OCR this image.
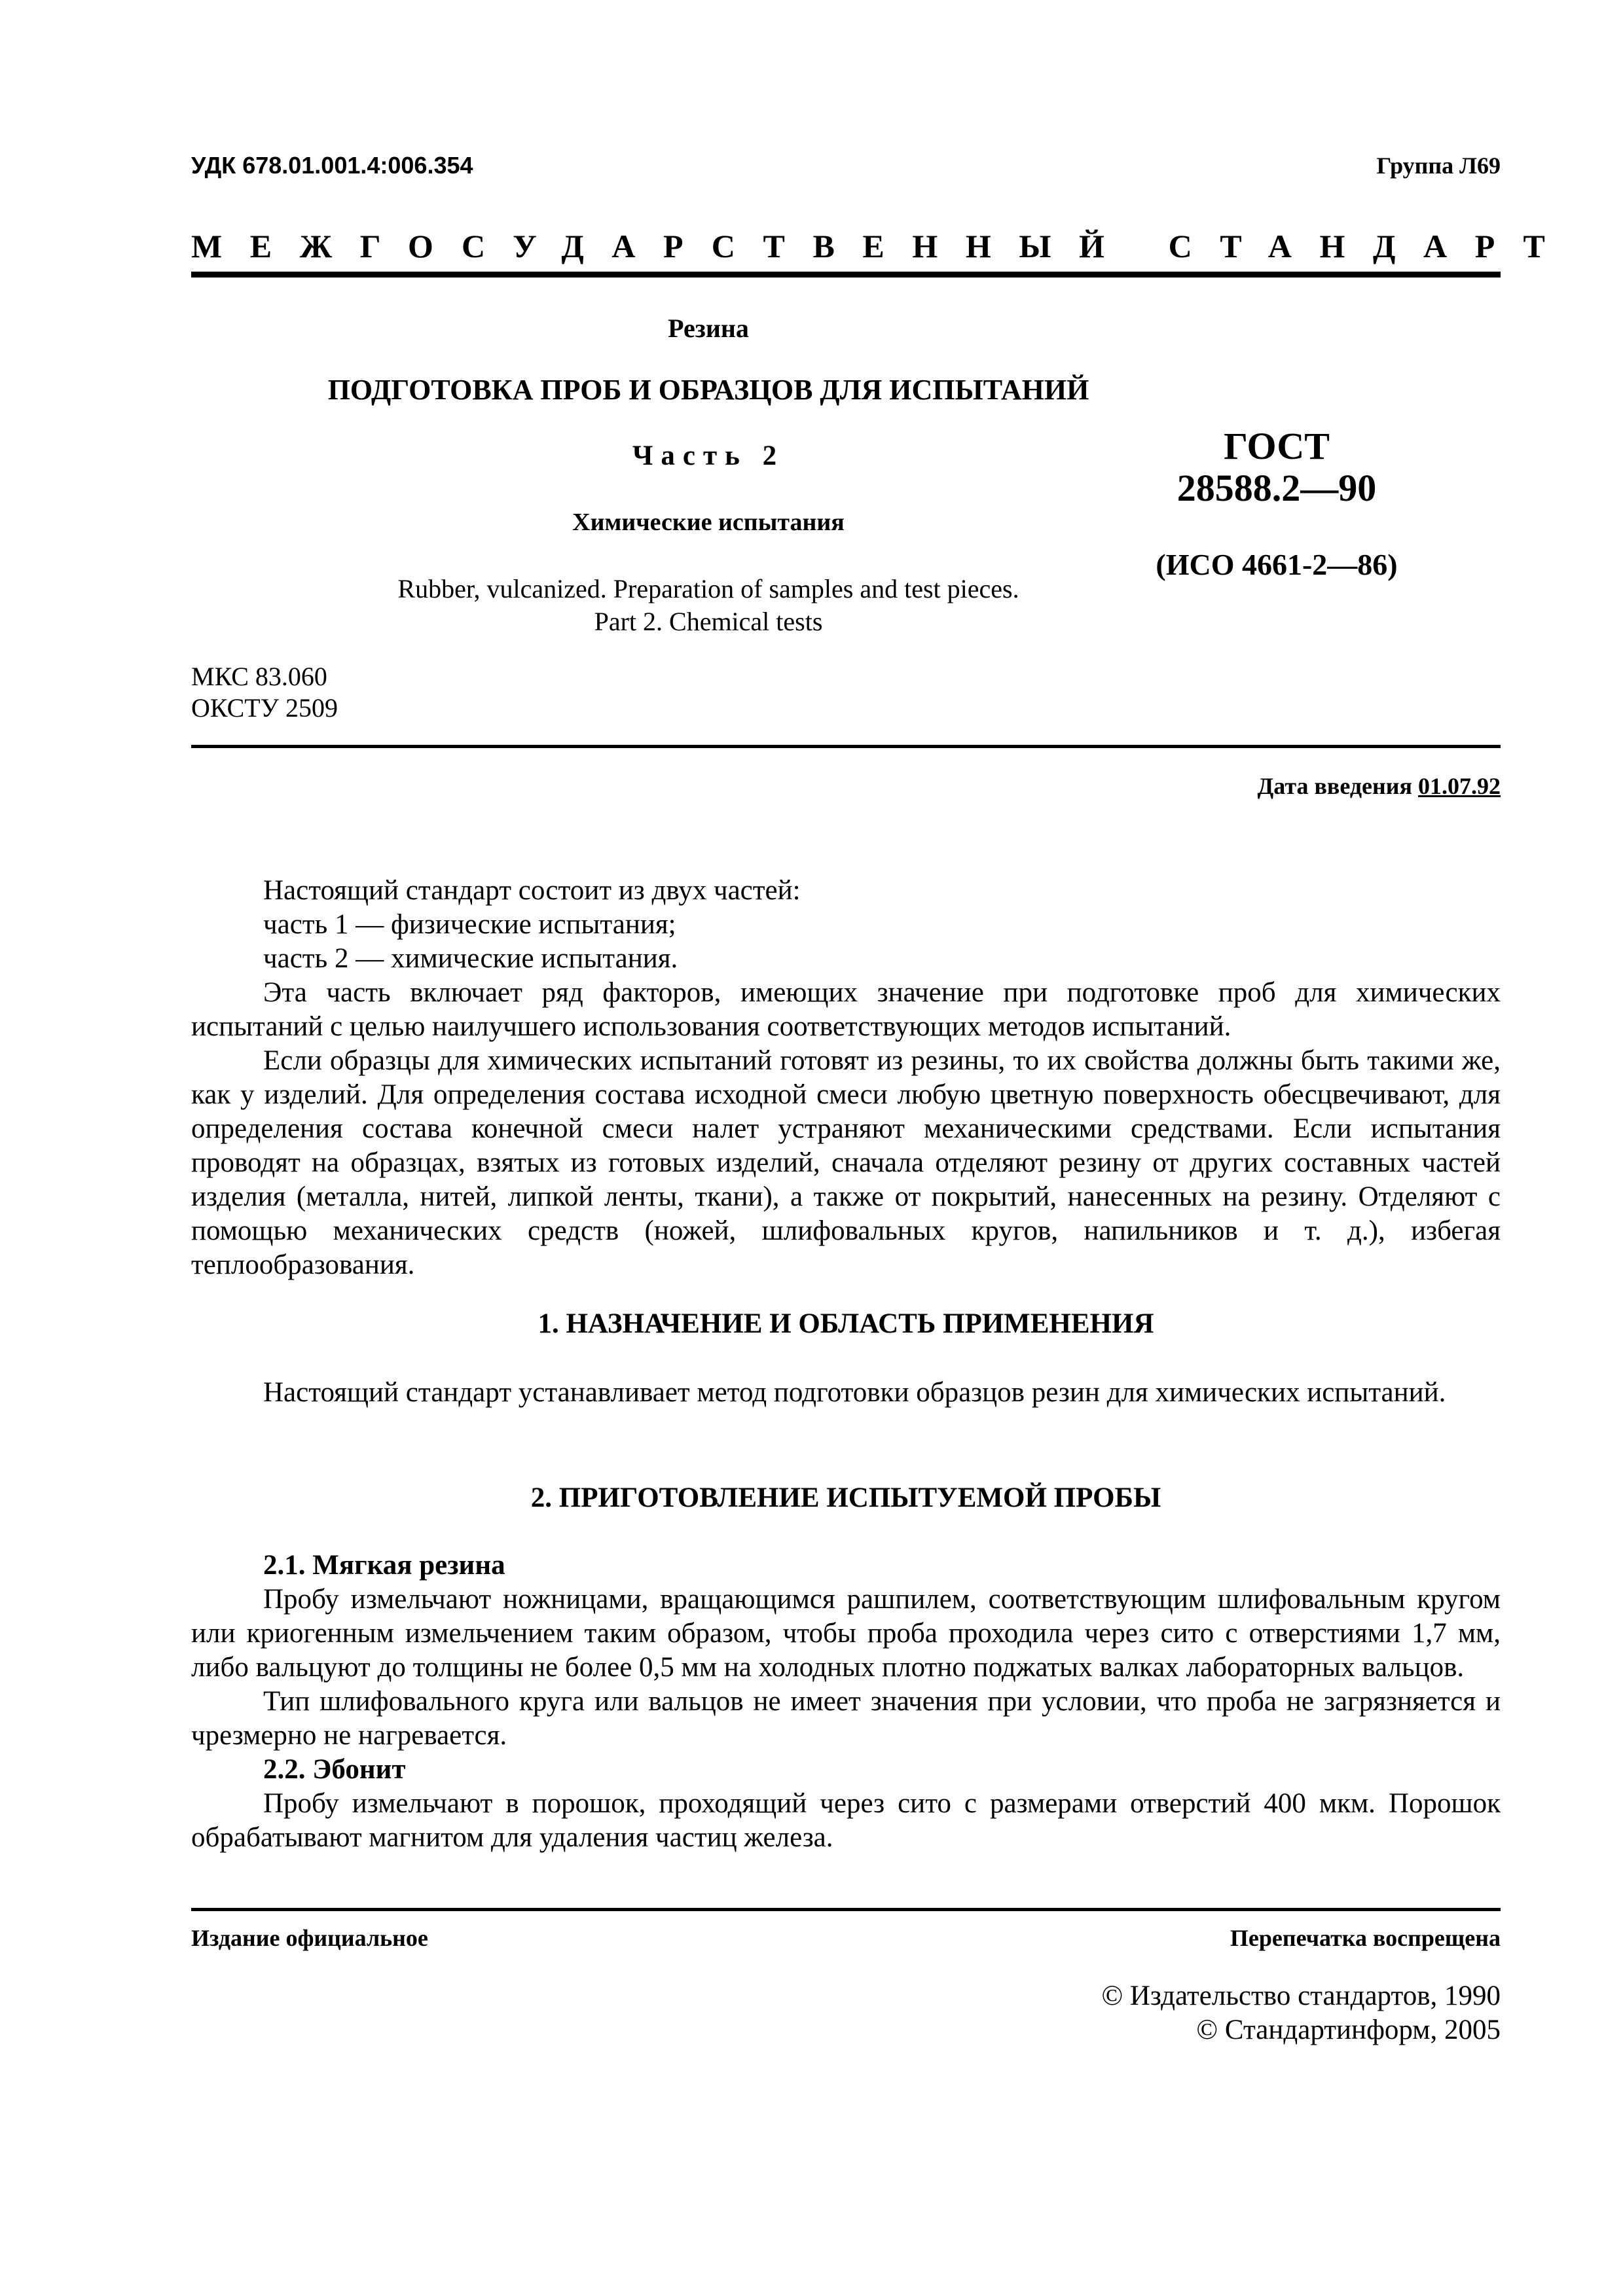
УДК 678.01.001.4:006.354	Группа Л69
МЕЖГОСУДАРСТВЕННЫЙ СТАНДАРТ
Резина
ПОДГОТОВКА ПРОБ И ОБРАЗЦОВ ДЛЯ ИСПЫТАНИЙ
Часть 2
Химические испытания
Rubber, vulcanized. Preparation of samples and test pieces.
Part 2. Chemical tests
МКС 83.060
ОКСТУ 2509
ГОСТ
28588.2—90
(ИСО 4661-2—86)
Дата введения 01.07.92

Настоящий стандарт состоит из двух частей:

часть 1 — физические испытания;

часть 2 — химические испытания.

Эта часть включает ряд факторов, имеющих значение при подготовке проб для химических испытаний с целью наилучшего использования соответствующих методов испытаний.

Если образцы для химических испытаний готовят из резины, то их свойства должны быть такими же, как у изделий. Для определения состава исходной смеси любую цветную поверхность обесцвечивают, для определения состава конечной смеси налет устраняют механическими средствами. Если испытания проводят на образцах, взятых из готовых изделий, сначала отделяют резину от других составных частей изделия (металла, нитей, липкой ленты, ткани), а также от покрытий, нанесенных на резину. Отделяют с помощью механических средств (ножей, шлифовальных кругов, напильников и т. д.), избегая теплообразования.

1. НАЗНАЧЕНИЕ И ОБЛАСТЬ ПРИМЕНЕНИЯ

Настоящий стандарт устанавливает метод подготовки образцов резин для химических испытаний.

2. ПРИГОТОВЛЕНИЕ ИСПЫТУЕМОЙ ПРОБЫ

2.1. Мягкая резина

Пробу измельчают ножницами, вращающимся рашпилем, соответствующим шлифовальным кругом или криогенным измельчением таким образом, чтобы проба проходила через сито с отверстиями 1,7 мм, либо вальцуют до толщины не более 0,5 мм на холодных плотно поджатых валках лабораторных вальцов.

Тип шлифовального круга или вальцов не имеет значения при условии, что проба не загрязняется и чрезмерно не нагревается.

2.2. Эбонит

Пробу измельчают в порошок, проходящий через сито с размерами отверстий 400 мкм. Порошок обрабатывают магнитом для удаления частиц железа.

Издание официальное	Перепечатка воспрещена
© Издательство стандартов, 1990
© Стандартинформ, 2005
